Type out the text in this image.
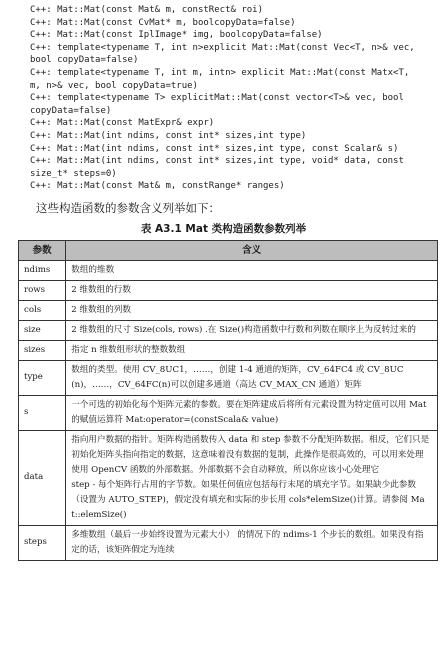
C++: Mat::Mat(const Mat& m, constRect& roi)
C++: Mat::Mat(const CvMat* m, boolcopyData=false)
C++: Mat::Mat(const IplImage* img, boolcopyData=false)
C++: template<typename T, int n>explicit Mat::Mat(const Vec<T, n>& vec,
bool copyData=false)
C++: template<typename T, int m, intn> explicit Mat::Mat(const Matx<T,
m, n>& vec, bool copyData=true)
C++: template<typename T> explicitMat::Mat(const vector<T>& vec, bool
copyData=false)
C++: Mat::Mat(const MatExpr& expr)
C++: Mat::Mat(int ndims, const int* sizes,int type)
C++: Mat::Mat(int ndims, const int* sizes,int type, const Scalar& s)
C++: Mat::Mat(int ndims, const int* sizes,int type, void* data, const
size_t* steps=0)
C++: Mat::Mat(const Mat& m, constRange* ranges)
这些构造函数的参数含义列举如下：
表 A3.1 Mat 类构造函数参数列举
参数	含义
ndims	数组的维数
rows	2 维数组的行数
cols	2 维数组的列数
size	2 维数组的尺寸 Size(cols, rows) .在 Size()构造函数中行数和列数在顺序上为反转过来的
sizes	指定 n 维数组形状的整数数组
type	数组的类型。使用 CV_8UC1，……，创建 1-4 通道的矩阵，CV_64FC4 或 CV_8UC(n)，……，CV_64FC(n)可以创建多通道（高达 CV_MAX_CN 通道）矩阵
s	一个可选的初始化每个矩阵元素的参数。要在矩阵建成后将所有元素设置为特定值可以用 Mat 的赋值运算符 Mat:operator=(constScala& value)
data	指向用户数据的指针。矩阵构造函数传入 data 和 step 参数不分配矩阵数据。相反，它们只是初始化矩阵头指向指定的数据，这意味着没有数据的复制，此操作是很高效的，可以用来处理使用 OpenCV 函数的外部数据。外部数据不会自动释放，所以你应该小心处理它
step - 每个矩阵行占用的字节数。如果任何值应包括每行末尾的填充字节。如果缺少此参数（设置为 AUTO_STEP)，假定没有填充和实际的步长用 cols*elemSize()计算。请参阅 Mat::elemSize()
steps	多维数组（最后一步始终设置为元素大小） 的情况下的 ndims-1 个步长的数组。如果没有指定的话，该矩阵假定为连续
